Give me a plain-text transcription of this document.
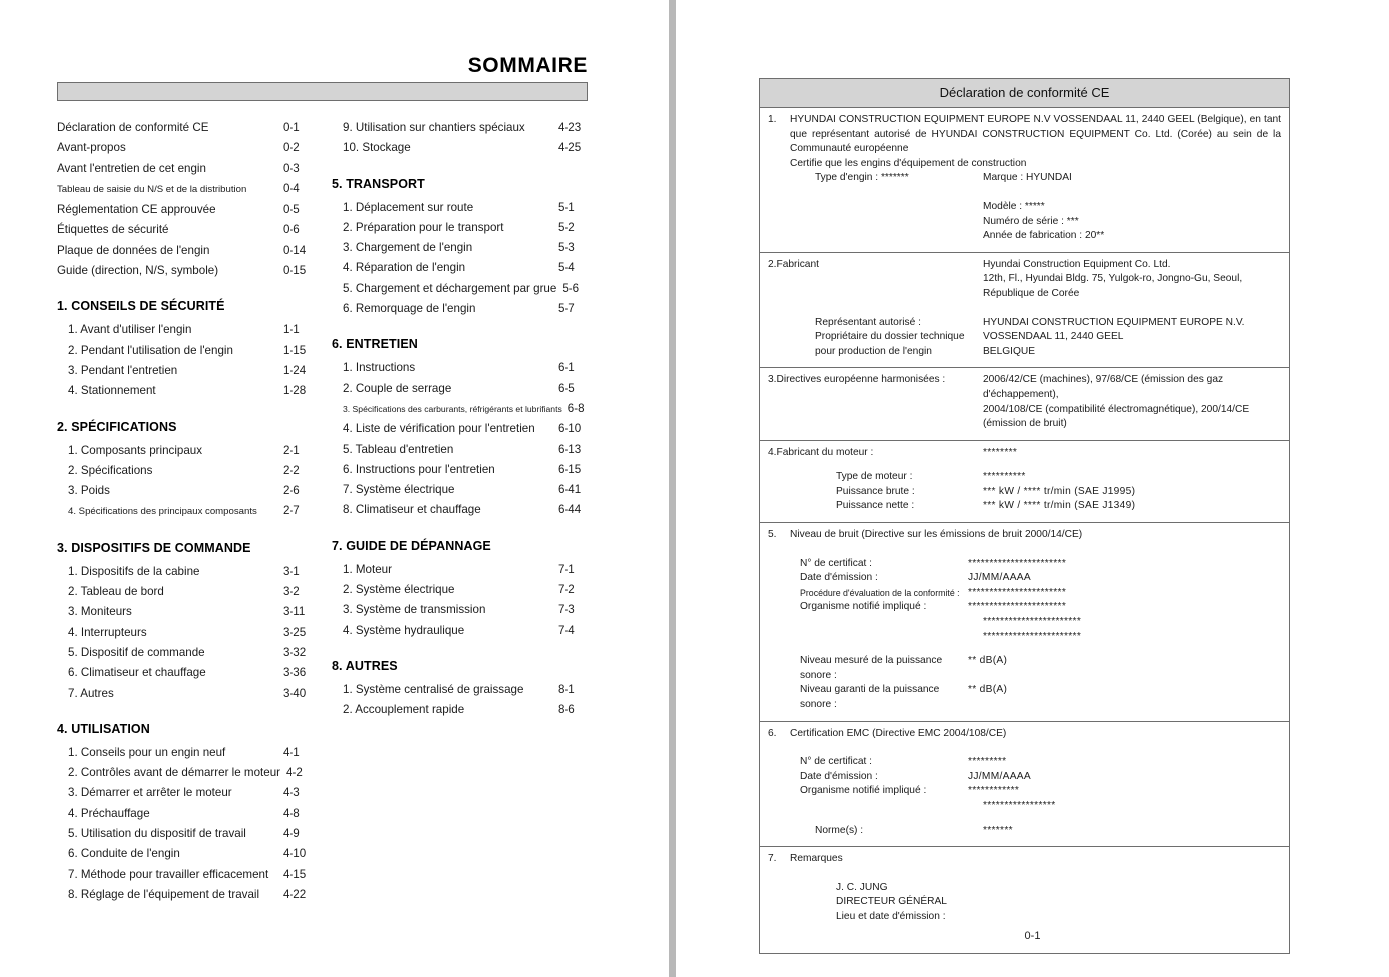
SOMMAIRE
Déclaration de conformité CE ·····	0-1
Avant-propos ·····	0-2
Avant l'entretien de cet engin ·····	0-3
Tableau de saisie du N/S et de la distribution ·····	0-4
Réglementation CE approuvée ·····	0-5
Étiquettes de sécurité ·····	0-6
Plaque de données de l'engin ·····	0-14
Guide (direction, N/S, symbole) ·····	0-15
1. CONSEILS DE SÉCURITÉ
1. Avant d'utiliser l'engin ·····	1-1
2. Pendant l'utilisation de l'engin ·····	1-15
3. Pendant l'entretien ·····	1-24
4. Stationnement ·····	1-28
2. SPÉCIFICATIONS
1. Composants principaux ·····	2-1
2. Spécifications ·····	2-2
3. Poids ·····	2-6
4. Spécifications des principaux composants ····· 2-7
3. DISPOSITIFS DE COMMANDE
1. Dispositifs de la cabine ·····	3-1
2. Tableau de bord ·····	3-2
3. Moniteurs ·····	3-11
4. Interrupteurs ·····	3-25
5. Dispositif de commande ·····	3-32
6. Climatiseur et chauffage ·····	3-36
7. Autres ·····	3-40
4. UTILISATION
1. Conseils pour un engin neuf ·····	4-1
2. Contrôles avant de démarrer le moteur 4-2
3. Démarrer et arrêter le moteur ·····	4-3
4. Préchauffage ·····	4-8
5. Utilisation du dispositif de travail ·····	4-9
6. Conduite de l'engin ·····	4-10
7. Méthode pour travailler efficacement ····· 4-15
8. Réglage de l'équipement de travail ····· 4-22
9. Utilisation sur chantiers spéciaux ·····	4-23
10. Stockage ·····	4-25
5. TRANSPORT
1. Déplacement sur route ·····	5-1
2. Préparation pour le transport ·····	5-2
3. Chargement de l'engin ·····	5-3
4. Réparation de l'engin ·····	5-4
5. Chargement et déchargement par grue 5-6
6. Remorquage de l'engin ·····	5-7
6. ENTRETIEN
1. Instructions ·····	6-1
2. Couple de serrage ·····	6-5
3. Spécifications des carburants, réfrigérants et lubrifiants 6-8
4. Liste de vérification pour l'entretien ····· 6-10
5. Tableau d'entretien ·····	6-13
6. Instructions pour l'entretien ·····	6-15
7. Système électrique ·····	6-41
8. Climatiseur et chauffage ·····	6-44
7. GUIDE DE DÉPANNAGE
1. Moteur ·····	7-1
2. Système électrique ·····	7-2
3. Système de transmission ·····	7-3
4. Système hydraulique ·····	7-4
8. AUTRES
1. Système centralisé de graissage ·····	8-1
2. Accouplement rapide ·····	8-6
Déclaration de conformité CE
1.	HYUNDAI CONSTRUCTION EQUIPMENT EUROPE N.V VOSSENDAAL 11, 2440 GEEL (Belgique), en tant que représentant autorisé de HYUNDAI CONSTRUCTION EQUIPMENT Co. Ltd. (Corée) au sein de la Communauté européenne
Certifie que les engins d'équipement de construction
Type d'engin : *******	Marque : HYUNDAI
Modèle : *****
Numéro de série : ***
Année de fabrication : 20**
2.Fabricant	Hyundai Construction Equipment Co. Ltd.
12th, Fl., Hyundai Bldg. 75, Yulgok-ro, Jongno-Gu, Seoul,
République de Corée
Représentant autorisé :	HYUNDAI CONSTRUCTION EQUIPMENT EUROPE N.V.
Propriétaire du dossier technique	VOSSENDAAL 11, 2440 GEEL
pour production de l'engin	BELGIQUE
3.Directives européenne harmonisées :	2006/42/CE (machines), 97/68/CE (émission des gaz d'échappement),
2004/108/CE (compatibilité électromagnétique), 200/14/CE
(émission de bruit)
4.Fabricant du moteur :	********
Type de moteur :	**********
Puissance brute :	*** kW / **** tr/min (SAE J1995)
Puissance nette :	*** kW / **** tr/min (SAE J1349)
5.	Niveau de bruit (Directive sur les émissions de bruit 2000/14/CE)
N° de certificat :	***********************
Date d'émission :	JJ/MM/AAAA
Procédure d'évaluation de la conformité : ***********************
Organisme notifié impliqué :	***********************
***********************
***********************
Niveau mesuré de la puissance sonore :
** dB(A)
Niveau garanti de la puissance sonore :
** dB(A)
6.	Certification EMC (Directive EMC 2004/108/CE)
N° de certificat :	*********
Date d'émission :	JJ/MM/AAAA
Organisme notifié impliqué :	************
*****************
Norme(s) :	*******
7.	Remarques
J. C. JUNG
DIRECTEUR GÉNÉRAL
Lieu et date d'émission :
0-1
